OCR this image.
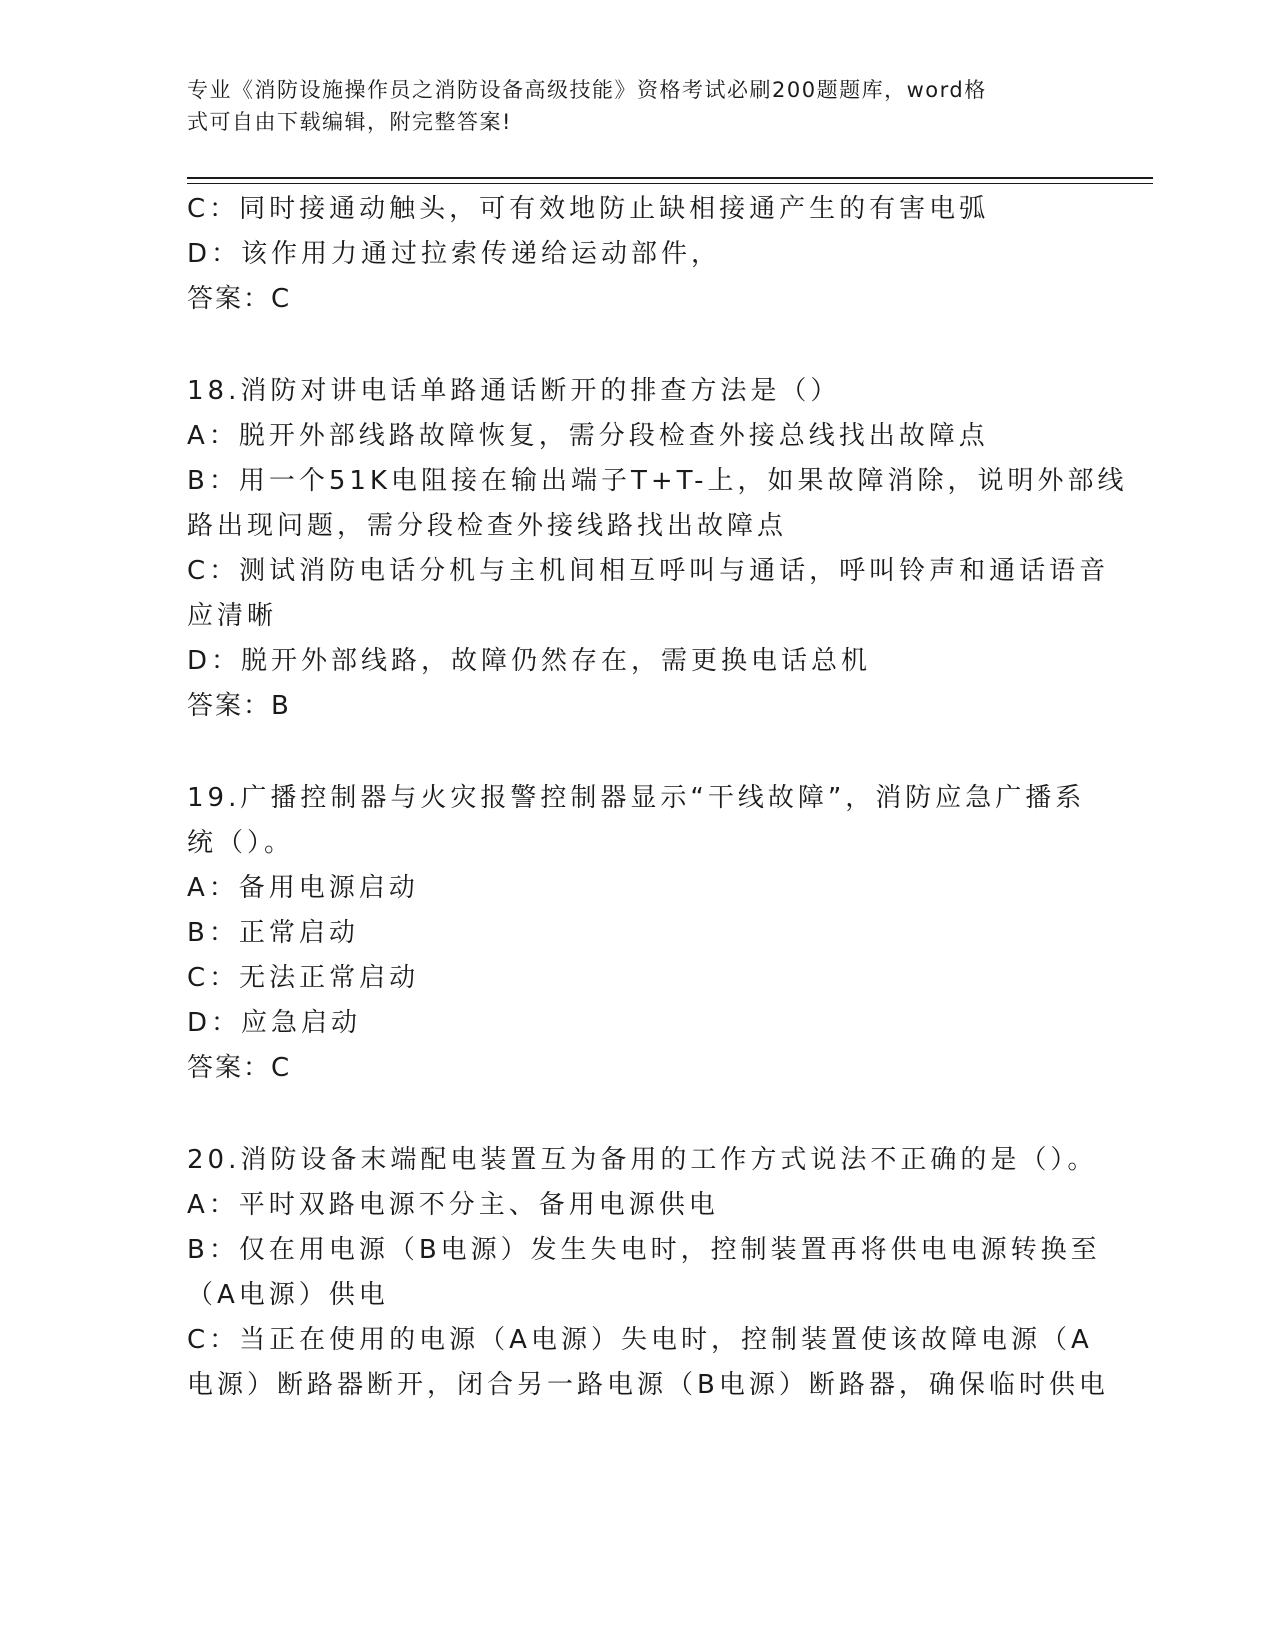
专业《消防设施操作员之消防设备高级技能》资格考试必刷200题题库，word格
式可自由下载编辑，附完整答案!
C：同时接通动触头，可有效地防止缺相接通产生的有害电弧
D：该作用力通过拉索传递给运动部件，
答案：C
18.消防对讲电话单路通话断开的排查方法是（）
A：脱开外部线路故障恢复，需分段检查外接总线找出故障点
B：用一个51K电阻接在输出端子T+T-上，如果故障消除，说明外部线
路出现问题，需分段检查外接线路找出故障点
C：测试消防电话分机与主机间相互呼叫与通话，呼叫铃声和通话语音
应清晰
D：脱开外部线路，故障仍然存在，需更换电话总机
答案：B
19.广播控制器与火灾报警控制器显示“干线故障”，消防应急广播系
统（）。
A：备用电源启动
B：正常启动
C：无法正常启动
D：应急启动
答案：C
20.消防设备末端配电装置互为备用的工作方式说法不正确的是（）。
A：平时双路电源不分主、备用电源供电
B：仅在用电源（B电源）发生失电时，控制装置再将供电电源转换至
（A电源）供电
C：当正在使用的电源（A电源）失电时，控制装置使该故障电源（A
电源）断路器断开，闭合另一路电源（B电源）断路器，确保临时供电
